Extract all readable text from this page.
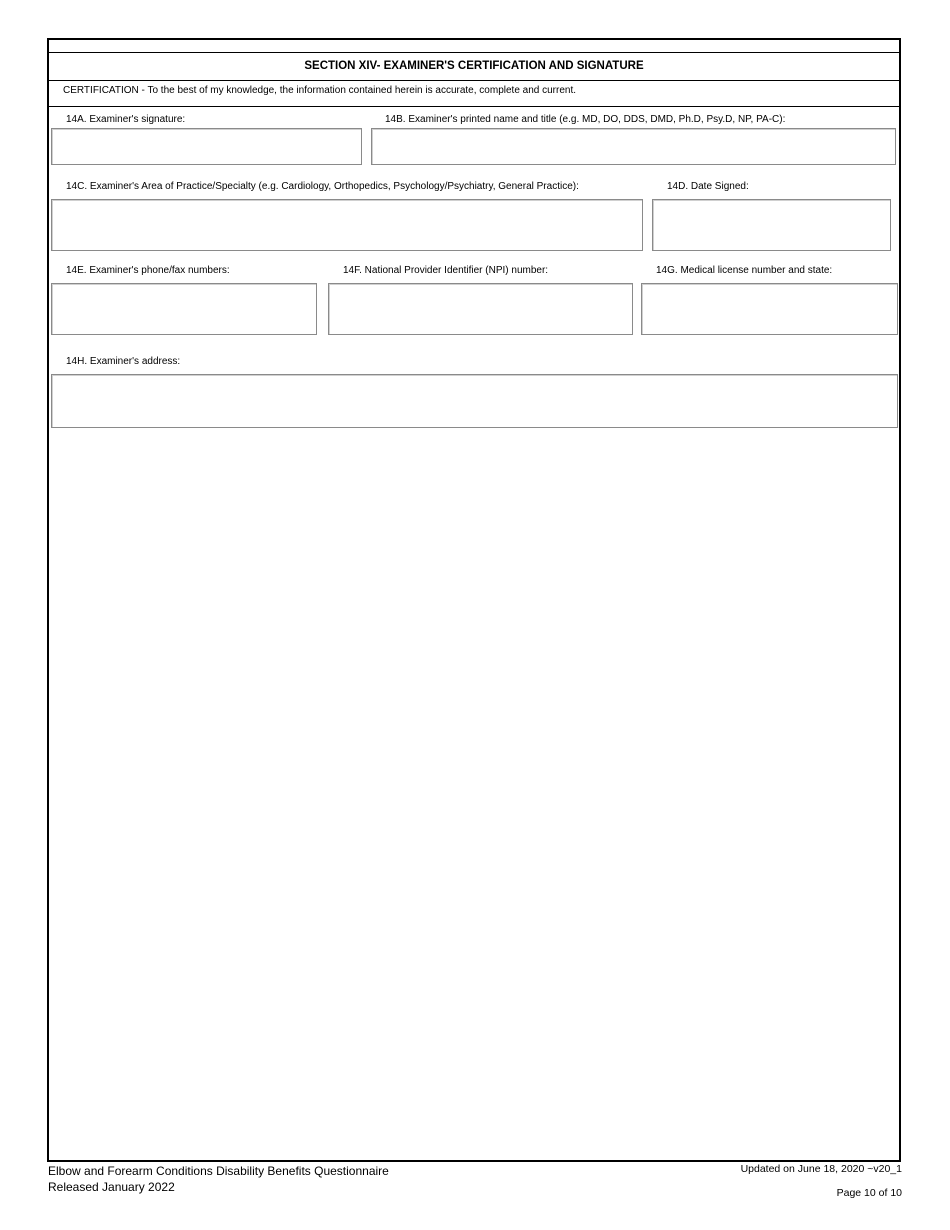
SECTION XIV- EXAMINER'S CERTIFICATION AND SIGNATURE
CERTIFICATION - To the best of my knowledge, the information contained herein is accurate, complete and current.
14A. Examiner's signature:	14B. Examiner's printed name and title (e.g. MD, DO, DDS, DMD, Ph.D, Psy.D, NP, PA-C):
14C. Examiner's Area of Practice/Specialty (e.g. Cardiology, Orthopedics, Psychology/Psychiatry, General Practice):	14D. Date Signed:
14E. Examiner's phone/fax numbers:	14F. National Provider Identifier (NPI) number:	14G. Medical license number and state:
14H. Examiner's address:
Elbow and Forearm Conditions Disability Benefits Questionnaire
Released January 2022
Updated on June 18, 2020 ~v20_1
Page 10 of 10
